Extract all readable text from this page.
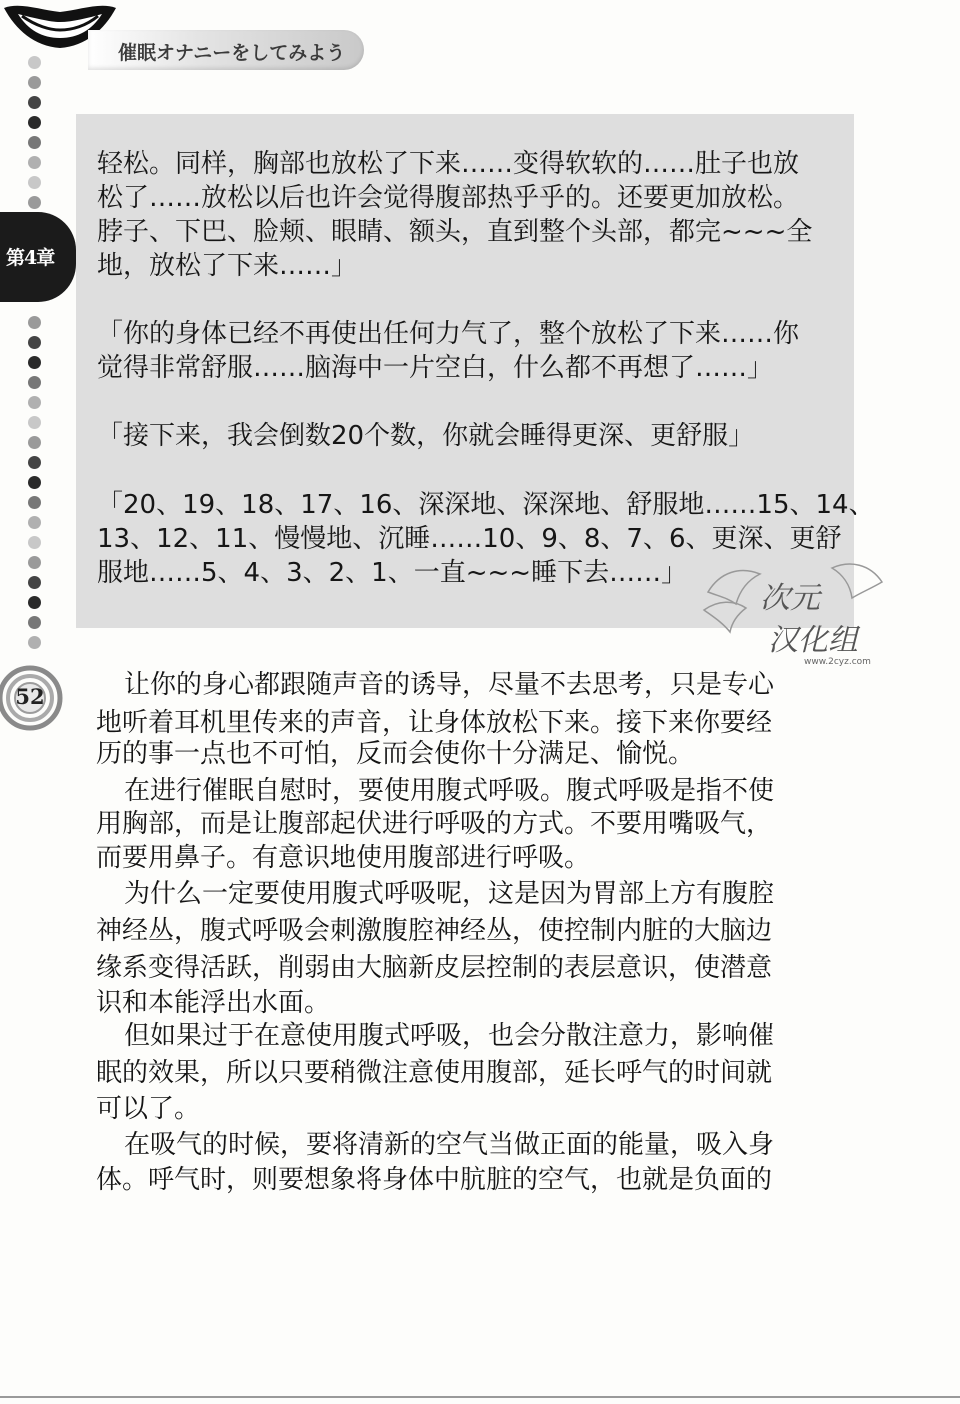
催眠オナニーをしてみよう
第4章
52
轻松。同样，胸部也放松了下来……变得软软的……肚子也放
松了……放松以后也许会觉得腹部热乎乎的。还要更加放松。
脖子、下巴、脸颊、眼睛、额头，直到整个头部，都完~~~全
地，放松了下来……」
「你的身体已经不再使出任何力气了，整个放松了下来……你
觉得非常舒服……脑海中一片空白，什么都不再想了……」
「接下来，我会倒数20个数，你就会睡得更深、更舒服」
「20、19、18、17、16、深深地、深深地、舒服地……15、14、
13、12、11、慢慢地、沉睡……10、9、8、7、6、更深、更舒
服地……5、4、3、2、1、一直~~~睡下去……」
次元
汉化组
www.2cyz.com
让你的身心都跟随声音的诱导，尽量不去思考，只是专心
地听着耳机里传来的声音，让身体放松下来。接下来你要经
历的事一点也不可怕，反而会使你十分满足、愉悦。
在进行催眠自慰时，要使用腹式呼吸。腹式呼吸是指不使
用胸部，而是让腹部起伏进行呼吸的方式。不要用嘴吸气，
而要用鼻子。有意识地使用腹部进行呼吸。
为什么一定要使用腹式呼吸呢，这是因为胃部上方有腹腔
神经丛，腹式呼吸会刺激腹腔神经丛，使控制内脏的大脑边
缘系变得活跃，削弱由大脑新皮层控制的表层意识，使潜意
识和本能浮出水面。
但如果过于在意使用腹式呼吸，也会分散注意力，影响催
眠的效果，所以只要稍微注意使用腹部，延长呼气的时间就
可以了。
在吸气的时候，要将清新的空气当做正面的能量，吸入身
体。呼气时，则要想象将身体中肮脏的空气，也就是负面的
